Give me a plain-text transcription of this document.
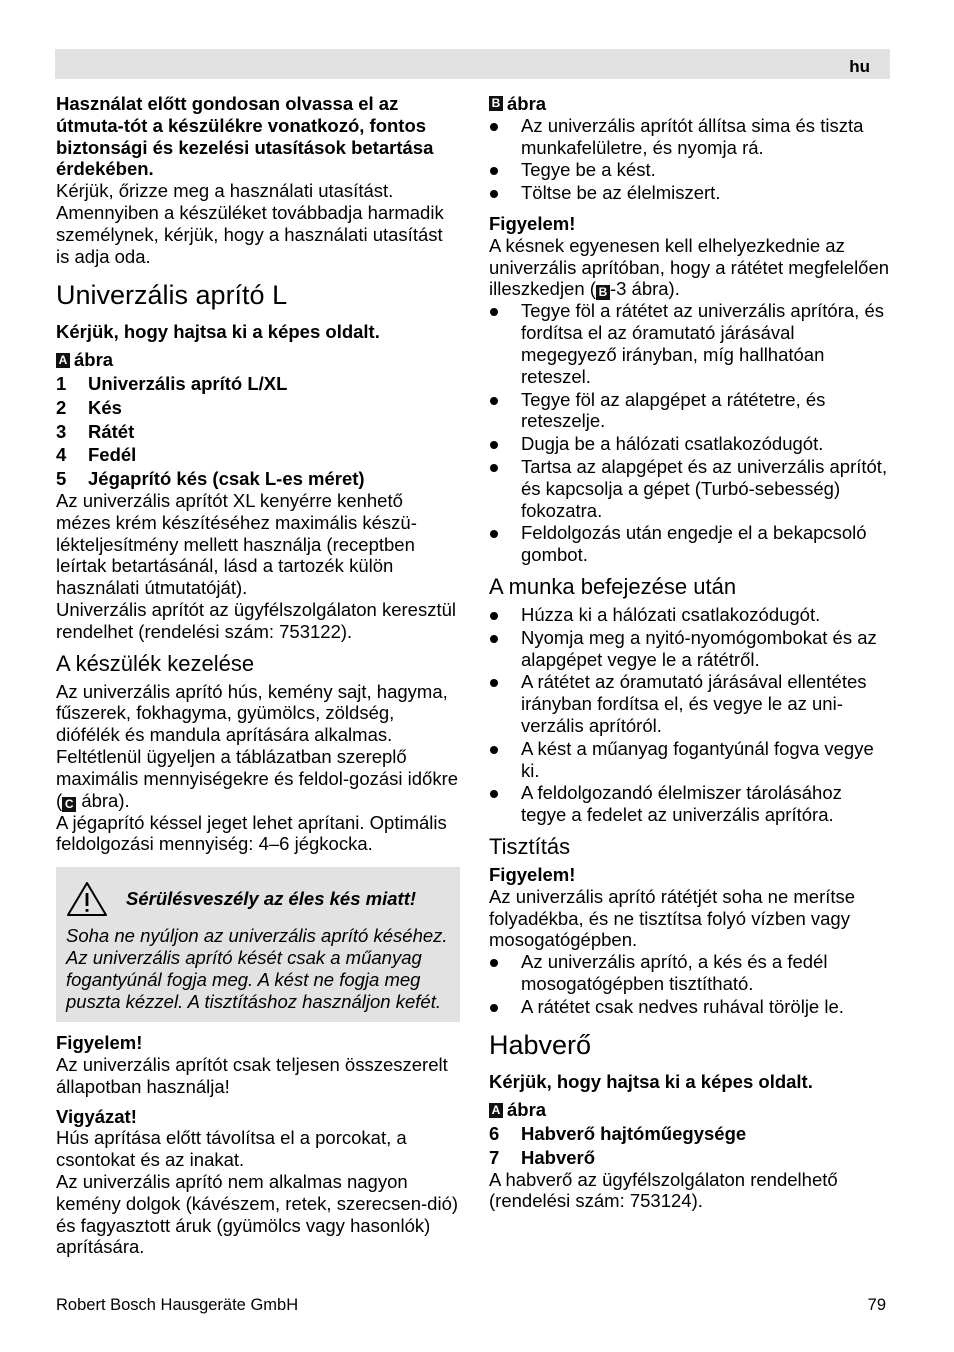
hu

Használat előtt gondosan olvassa el az útmuta-tót a készülékre vonatkozó, fontos biztonsági és kezelési utasítások betartása érdekében.

Kérjük, őrizze meg a használati utasítást. Amennyiben a készüléket továbbadja harmadik személynek, kérjük, hogy a használati utasítást is adja oda.

Univerzális aprító L

Kérjük, hogy hajtsa ki a képes oldalt.

A ábra
1	Univerzális aprító L/XL
2	Kés
3	Rátét
4	Fedél
5	Jégaprító kés (csak L-es méret)

Az univerzális aprítót XL kenyérre kenhető mézes krém készítéséhez maximális készü-lékteljesítmény mellett használja (receptben leírtak betartásánál, lásd a tartozék külön használati útmutatóját).

Univerzális aprítót az ügyfélszolgálaton keresztül rendelhet (rendelési szám: 753122).

A készülék kezelése

Az univerzális aprító hús, kemény sajt, hagyma, fűszerek, fokhagyma, gyümölcs, zöldség, diófélék és mandula aprítására alkalmas. Feltétlenül ügyeljen a táblázatban szereplő maximális mennyiségekre és feldol-gozási időkre ( C ábra).

A jégaprító késsel jeget lehet aprítani. Optimális feldolgozási mennyiség: 4–6 jégkocka.

Sérülésveszély az éles kés miatt!

Soha ne nyúljon az univerzális aprító késéhez. Az univerzális aprító kését csak a műanyag fogantyúnál fogja meg. A kést ne fogja meg puszta kézzel. A tisztításhoz használjon kefét.

Figyelem!

Az univerzális aprítót csak teljesen összeszerelt állapotban használja!

Vigyázat!

Hús aprítása előtt távolítsa el a porcokat, a csontokat és az inakat.

Az univerzális aprító nem alkalmas nagyon kemény dolgok (kávészem, retek, szerecsen-dió) és fagyasztott áruk (gyümölcs vagy hasonlók) aprítására.

B ábra
Az univerzális aprítót állítsa sima és tiszta munkafelületre, és nyomja rá.
Tegye be a kést.
Töltse be az élelmiszert.

Figyelem!

A késnek egyenesen kell elhelyezkednie az univerzális aprítóban, hogy a rátétet megfelelően illeszkedjen ( B -3 ábra).

Tegye föl a rátétet az univerzális aprítóra, és fordítsa el az óramutató járásával megegyező irányban, míg hallhatóan reteszel.
Tegye föl az alapgépet a rátétetre, és reteszelje.
Dugja be a hálózati csatlakozódugót.
Tartsa az alapgépet és az univerzális aprítót, és kapcsolja a gépet (Turbó-sebesség) fokozatra.
Feldolgozás után engedje el a bekapcsoló gombot.
A munka befejezése után
Húzza ki a hálózati csatlakozódugót.
Nyomja meg a nyitó-nyomógombokat és az alapgépet vegye le a rátétről.
A rátétet az óramutató járásával ellentétes irányban fordítsa el, és vegye le az uni-verzális aprítóról.
A kést a műanyag fogantyúnál fogva vegye ki.
A feldolgozandó élelmiszer tárolásához tegye a fedelet az univerzális aprítóra.
Tisztítás

Figyelem!

Az univerzális aprító rátétjét soha ne merítse folyadékba, és ne tisztítsa folyó vízben vagy mosogatógépben.

Az univerzális aprító, a kés és a fedél mosogatógépben tisztítható.
A rátétet csak nedves ruhával törölje le.
Habverő

Kérjük, hogy hajtsa ki a képes oldalt.

A ábra
6	Habverő hajtóműegysége
7	Habverő

A habverő az ügyfélszolgálaton rendelhető (rendelési szám: 753124).

Robert Bosch Hausgeräte GmbH	79
